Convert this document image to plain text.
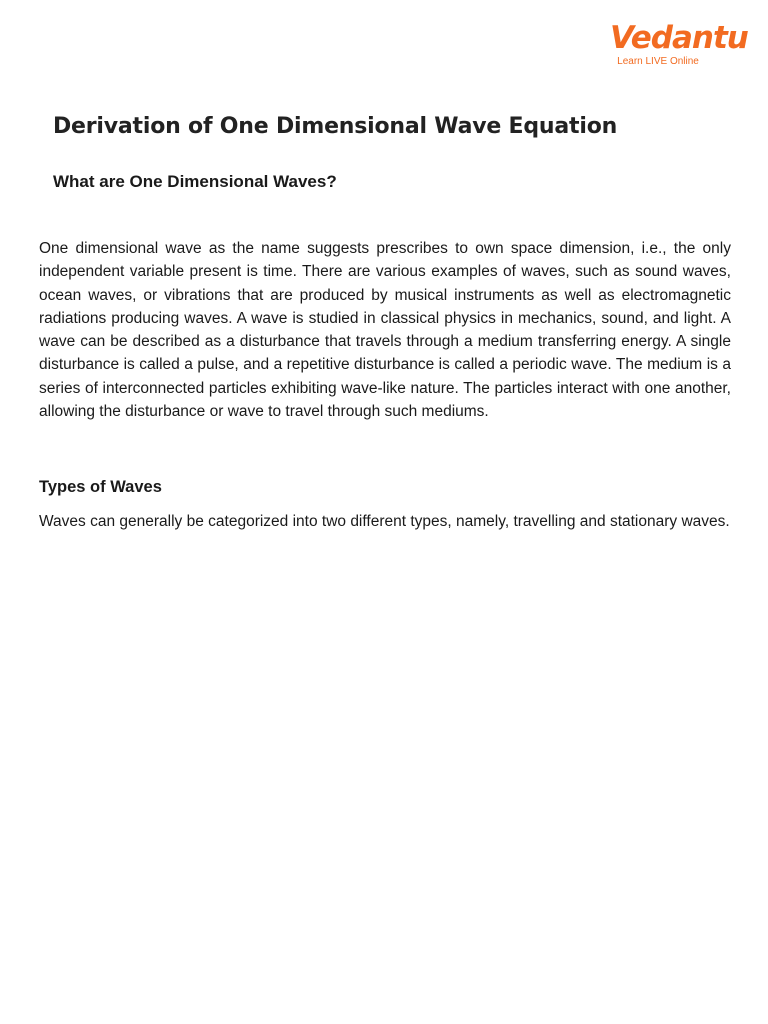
Vedantu
Learn LIVE Online
Derivation of One Dimensional Wave Equation
What are One Dimensional Waves?

One dimensional wave as the name suggests prescribes to own space dimension, i.e., the only independent variable present is time. There are various examples of waves, such as sound waves, ocean waves, or vibrations that are produced by musical instruments as well as electromagnetic radiations producing waves. A wave is studied in classical physics in mechanics, sound, and light. A wave can be described as a disturbance that travels through a medium transferring energy. A single disturbance is called a pulse, and a repetitive disturbance is called a periodic wave. The medium is a series of interconnected particles exhibiting wave-like nature. The particles interact with one another, allowing the disturbance or wave to travel through such mediums.

Types of Waves

Waves can generally be categorized into two different types, namely, travelling and stationary waves.
